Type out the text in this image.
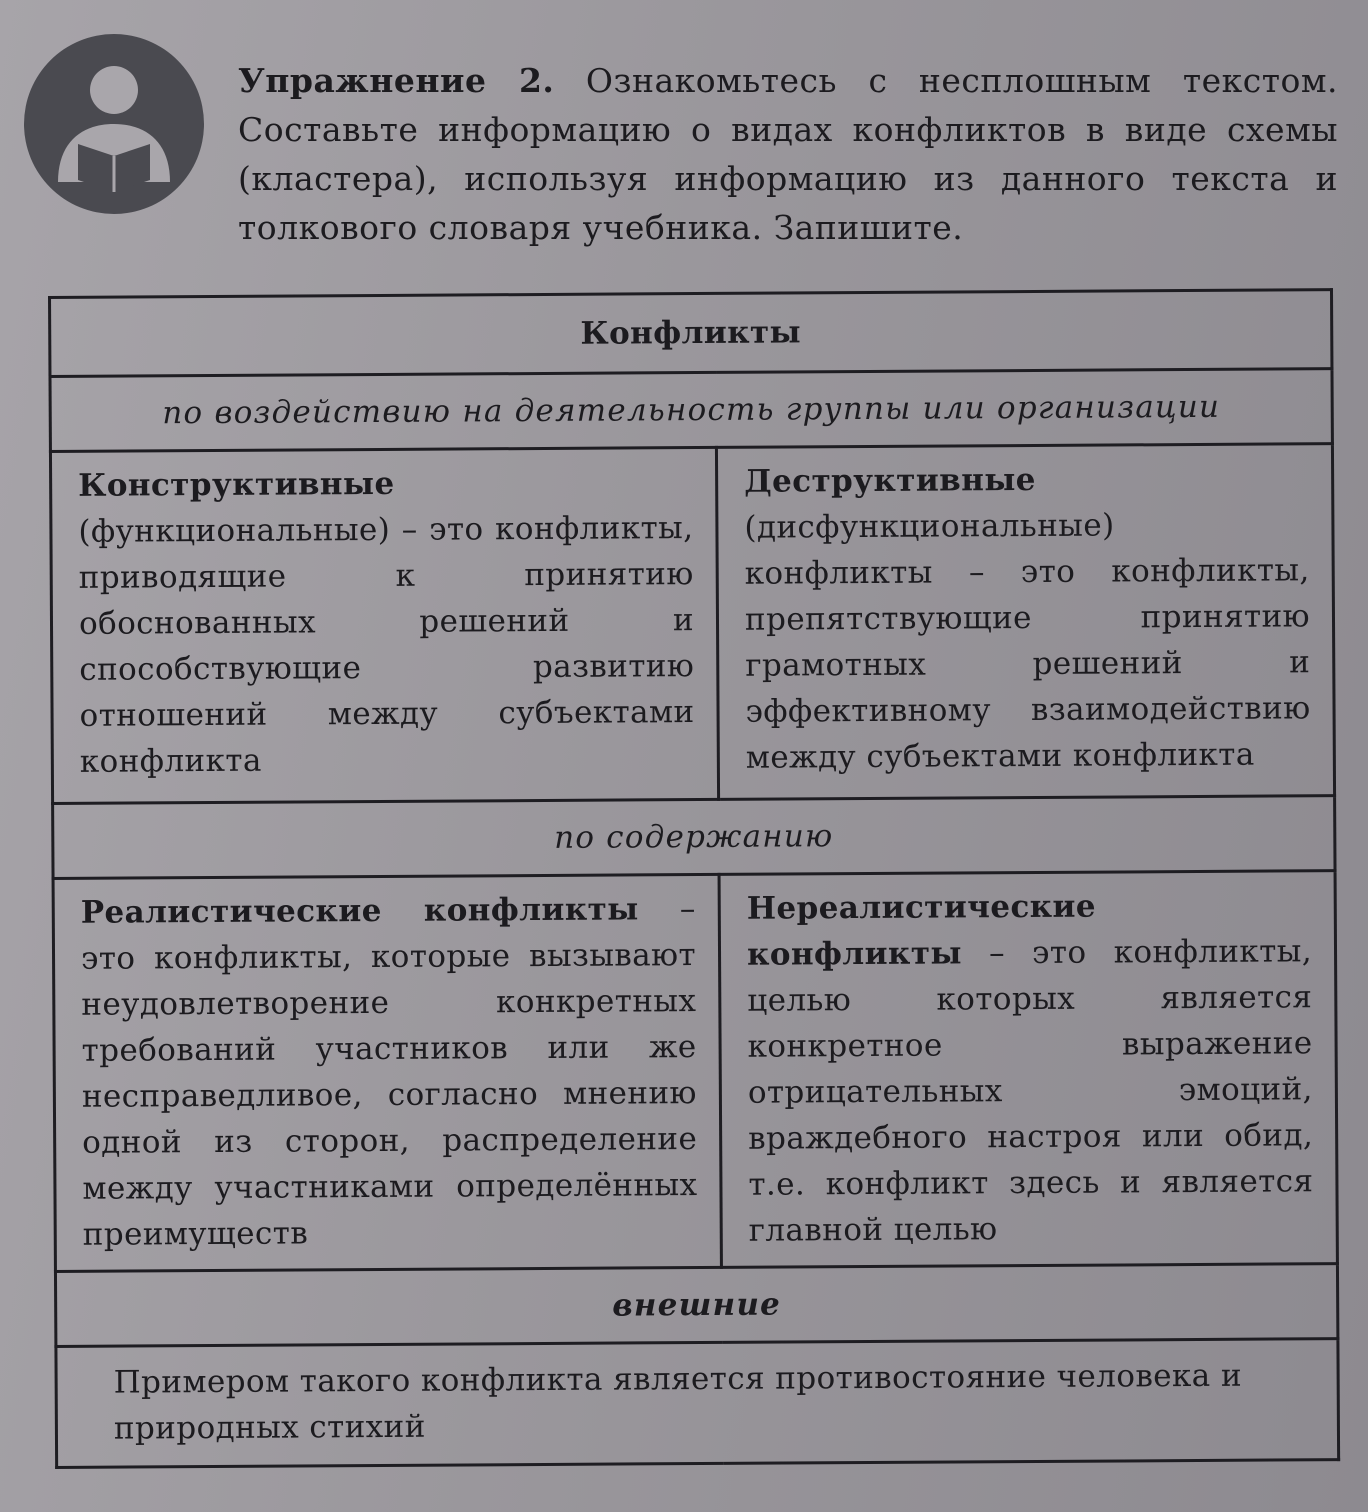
Упражнение 2. Ознакомьтесь с несплошным текстом. Составьте информацию о видах конфликтов в виде схемы (кластера), используя информацию из данного текста и толкового словаря учебника. Запишите.
Конфликты	
по воздействию на деятельность группы или организации	
Конструктивные (функциональные) – это конфликты, приводящие к принятию обоснованных решений и способствующие развитию отношений между субъектами конфликта	Деструктивные (дисфункциональные) конфликты – это конфликты, препятствующие принятию грамотных решений и эффективному взаимодействию между субъектами конфликта
по содержанию	
Реалистические конфликты – это конфликты, которые вызывают неудовлетворение конкретных требований участников или же несправедливое, согласно мнению одной из сторон, распределение между участниками определённых преимуществ	Нереалистические конфликты – это конфликты, целью которых является конкретное выражение отрицательных эмоций, враждебного настроя или обид, т.е. конфликт здесь и является главной целью
внешние	
Примером такого конфликта является противостояние человека и природных стихий	
